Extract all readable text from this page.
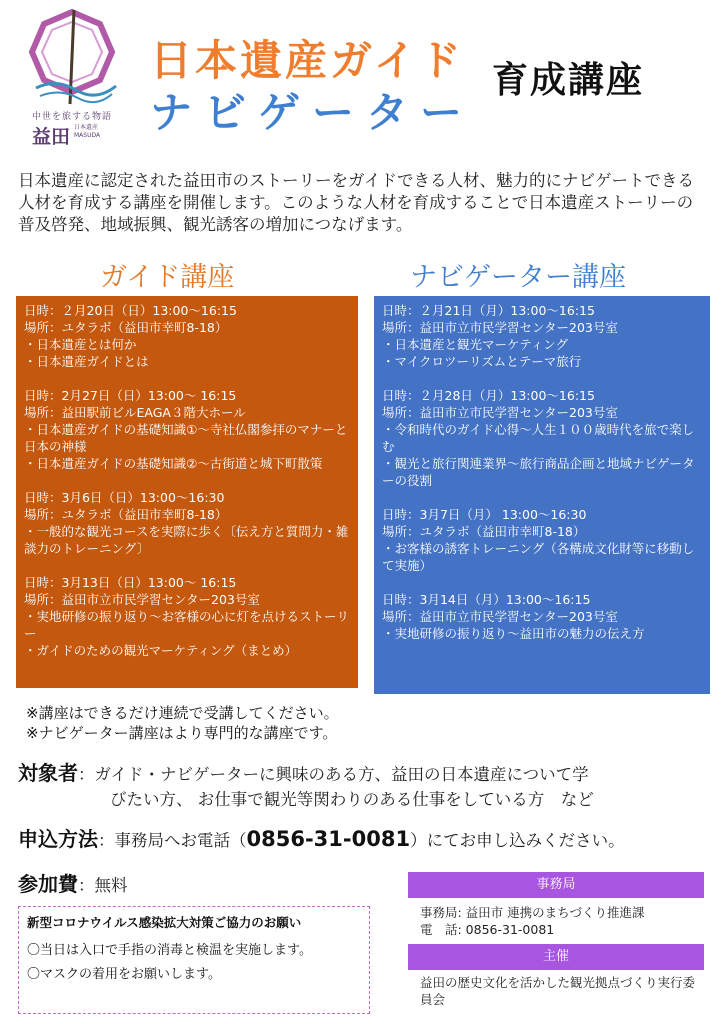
中世を旅する物語
益田 日本遺産
MASUDA
日本遺産ガイド
ナビゲーター
育成講座
日本遺産に認定された益田市のストーリーをガイドできる人材、魅力的にナビゲートできる人材を育成する講座を開催します。このような人材を育成することで日本遺産ストーリーの普及啓発、地域振興、観光誘客の増加につなげます。
ガイド講座	ナビゲーター講座
日時：２月20日（日）13:00～16:15
場所：ユタラボ（益田市幸町8-18）
・日本遺産とは何か
・日本遺産ガイドとは
日時：2月27日（日）13:00～ 16:15
場所：益田駅前ビルEAGA３階大ホール
・日本遺産ガイドの基礎知識①～寺社仏閣参拝のマナーと日本の神様
・日本遺産ガイドの基礎知識②～古街道と城下町散策
日時：3月6日（日）13:00～16:30
場所：ユタラボ（益田市幸町8-18）
・一般的な観光コースを実際に歩く〔伝え方と質問力・雑談力のトレーニング〕
日時：3月13日（日）13:00～ 16:15
場所：益田市立市民学習センター203号室
・実地研修の振り返り～お客様の心に灯を点けるストーリー
・ガイドのための観光マーケティング（まとめ）
日時：２月21日（月）13:00～16:15
場所：益田市立市民学習センター203号室
・日本遺産と観光マーケティング
・マイクロツーリズムとテーマ旅行
日時：２月28日（月）13:00～16:15
場所：益田市立市民学習センター203号室
・令和時代のガイド心得～人生１００歳時代を旅で楽しむ
・観光と旅行関連業界～旅行商品企画と地域ナビゲーターの役割
日時：3月7日（月） 13:00～16:30
場所：ユタラボ（益田市幸町8-18）
・お客様の誘客トレーニング（各構成文化財等に移動して実施）
日時：3月14日（月）13:00～16:15
場所：益田市立市民学習センター203号室
・実地研修の振り返り～益田市の魅力の伝え方
※講座はできるだけ連続で受講してください。
※ナビゲーター講座はより専門的な講座です。
対象者：ガイド・ナビゲーターに興味のある方、益田の日本遺産について学
びたい方、 お仕事で観光等関わりのある仕事をしている方　など
申込方法：事務局へお電話（0856-31-0081）にてお申し込みください。
参加費：無料
新型コロナウイルス感染拡大対策ご協力のお願い
〇当日は入口で手指の消毒と検温を実施します。
〇マスクの着用をお願いします。
事務局
事務局: 益田市 連携のまちづくり推進課
電　話: 0856-31-0081
主催
益田の歴史文化を活かした観光拠点づくり実行委員会
